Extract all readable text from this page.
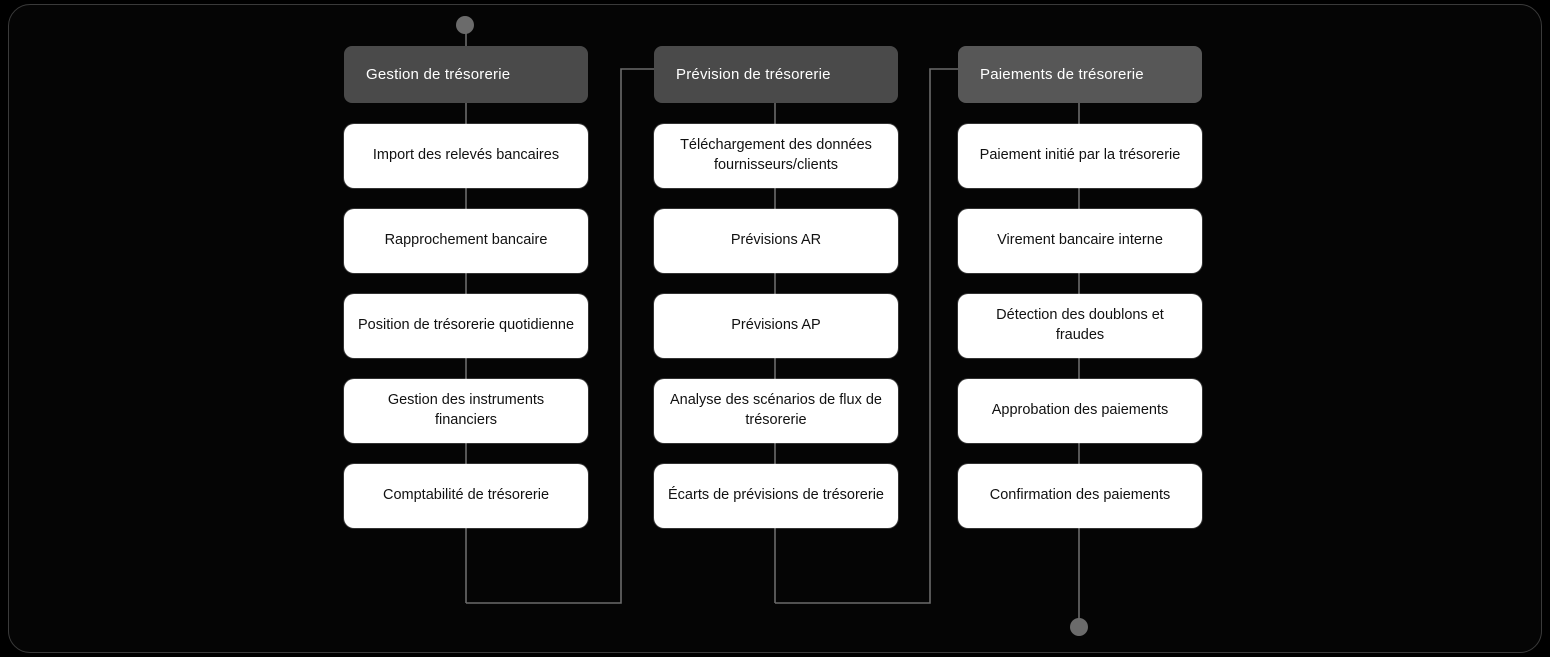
Gestion de trésorerie
Import des relevés bancaires
Rapprochement bancaire
Position de trésorerie quotidienne
Gestion des instruments financiers
Comptabilité de trésorerie
Prévision de trésorerie
Téléchargement des données fournisseurs/clients
Prévisions AR
Prévisions AP
Analyse des scénarios de flux de trésorerie
Écarts de prévisions de trésorerie
Paiements de trésorerie
Paiement initié par la trésorerie
Virement bancaire interne
Détection des doublons et fraudes
Approbation des paiements
Confirmation des paiements
